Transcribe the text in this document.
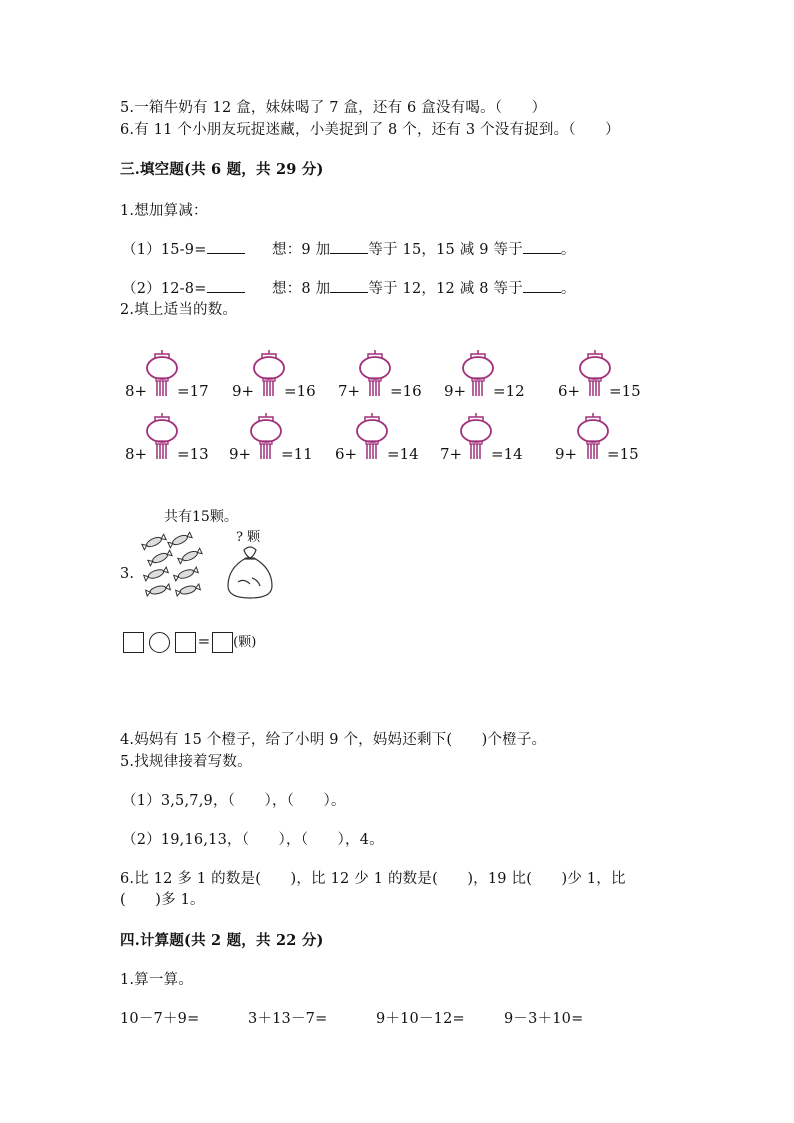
5.一箱牛奶有 12 盒，妹妹喝了 7 盒，还有 6 盒没有喝。（　　）
6.有 11 个小朋友玩捉迷藏，小美捉到了 8 个，还有 3 个没有捉到。（　　）
三.填空题(共 6 题，共 29 分)
1.想加算减：
（1）15-9=	想：9 加	等于 15，15 减 9 等于	。
（2）12-8=	想：8 加	等于 12，12 减 8 等于	。
2.填上适当的数。
8+ =17 9+ =16 7+ =16 9+ =12 6+ =15
8+ =13 9+ =11 6+ =14 7+ =14 9+ =15
共有15颗。
? 颗
3.
= (颗)
4.妈妈有 15 个橙子，给了小明 9 个，妈妈还剩下(　　)个橙子。
5.找规律接着写数。
（1）3,5,7,9，（　　），（　　）。
（2）19,16,13，（　　），（　　），4。
6.比 12 多 1 的数是(　　)，比 12 少 1 的数是(　　)，19 比(　　)少 1，比
(　　)多 1。
四.计算题(共 2 题，共 22 分)
1.算一算。
10－7＋9=	3＋13－7=	9＋10－12=	9－3＋10=
